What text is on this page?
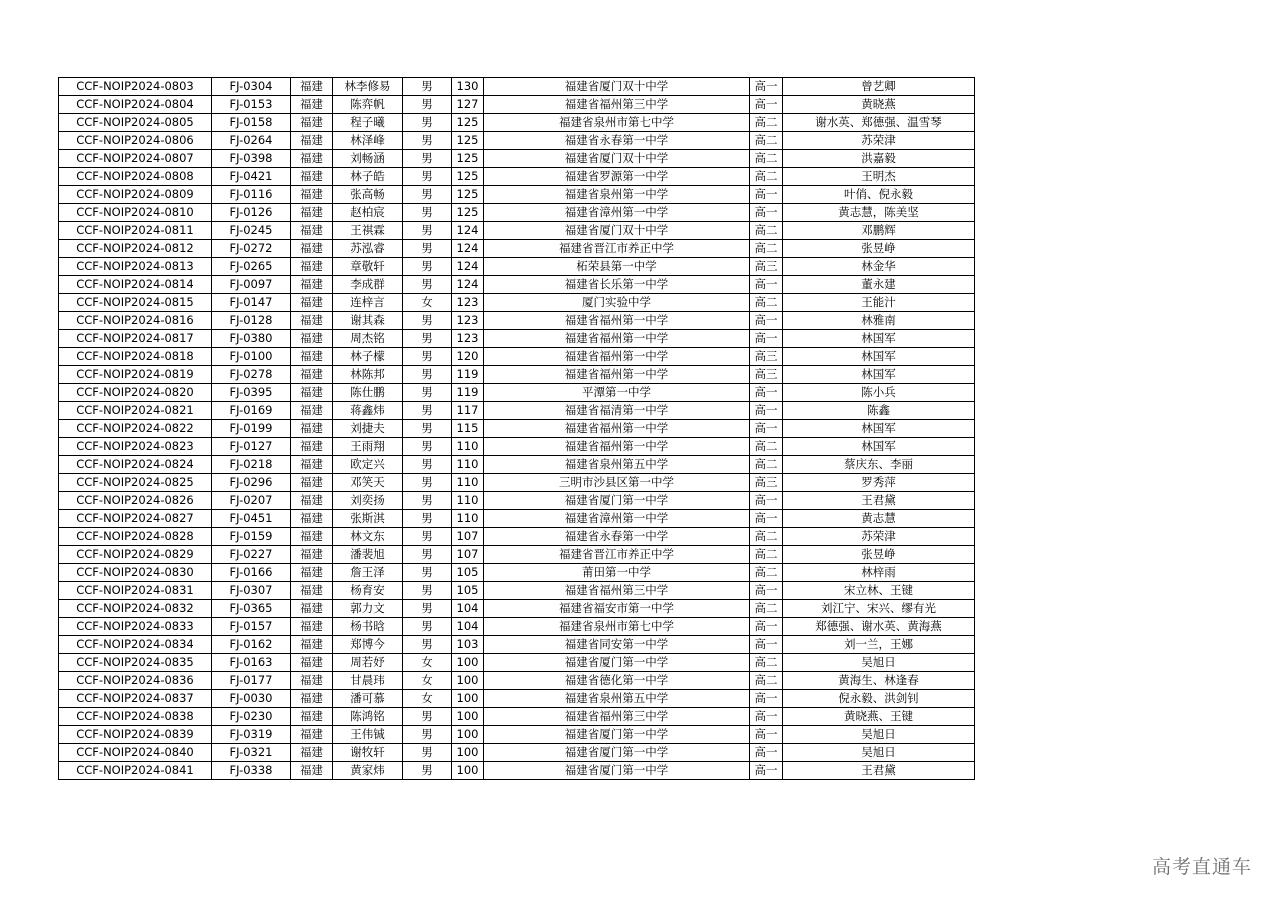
CCF-NOIP2024-0803	FJ-0304	福建	林李修易	男	130	福建省厦门双十中学	高一	曾艺卿
CCF-NOIP2024-0804	FJ-0153	福建	陈弈帆	男	127	福建省福州第三中学	高一	黄晓燕
CCF-NOIP2024-0805	FJ-0158	福建	程子曦	男	125	福建省泉州市第七中学	高二	谢水英、郑德强、温雪琴
CCF-NOIP2024-0806	FJ-0264	福建	林泽峰	男	125	福建省永春第一中学	高二	苏荣津
CCF-NOIP2024-0807	FJ-0398	福建	刘畅涵	男	125	福建省厦门双十中学	高二	洪嘉毅
CCF-NOIP2024-0808	FJ-0421	福建	林子皓	男	125	福建省罗源第一中学	高二	王明杰
CCF-NOIP2024-0809	FJ-0116	福建	张高畅	男	125	福建省泉州第一中学	高一	叶俏、倪永毅
CCF-NOIP2024-0810	FJ-0126	福建	赵柏宸	男	125	福建省漳州第一中学	高一	黄志慧，陈美坚
CCF-NOIP2024-0811	FJ-0245	福建	王祺霖	男	124	福建省厦门双十中学	高二	邓鹏辉
CCF-NOIP2024-0812	FJ-0272	福建	苏泓睿	男	124	福建省晋江市养正中学	高二	张昱峥
CCF-NOIP2024-0813	FJ-0265	福建	章敬轩	男	124	柘荣县第一中学	高三	林金华
CCF-NOIP2024-0814	FJ-0097	福建	李成群	男	124	福建省长乐第一中学	高一	董永建
CCF-NOIP2024-0815	FJ-0147	福建	连梓言	女	123	厦门实验中学	高二	王能汁
CCF-NOIP2024-0816	FJ-0128	福建	谢其森	男	123	福建省福州第一中学	高一	林雅南
CCF-NOIP2024-0817	FJ-0380	福建	周杰铭	男	123	福建省福州第一中学	高一	林国军
CCF-NOIP2024-0818	FJ-0100	福建	林子檬	男	120	福建省福州第一中学	高三	林国军
CCF-NOIP2024-0819	FJ-0278	福建	林陈邦	男	119	福建省福州第一中学	高三	林国军
CCF-NOIP2024-0820	FJ-0395	福建	陈仕鹏	男	119	平潭第一中学	高一	陈小兵
CCF-NOIP2024-0821	FJ-0169	福建	蒋鑫炜	男	117	福建省福清第一中学	高一	陈鑫
CCF-NOIP2024-0822	FJ-0199	福建	刘捷夫	男	115	福建省福州第一中学	高一	林国军
CCF-NOIP2024-0823	FJ-0127	福建	王雨翔	男	110	福建省福州第一中学	高二	林国军
CCF-NOIP2024-0824	FJ-0218	福建	欧定兴	男	110	福建省泉州第五中学	高二	蔡庆东、李丽
CCF-NOIP2024-0825	FJ-0296	福建	邓笑天	男	110	三明市沙县区第一中学	高三	罗秀萍
CCF-NOIP2024-0826	FJ-0207	福建	刘奕扬	男	110	福建省厦门第一中学	高一	王君黛
CCF-NOIP2024-0827	FJ-0451	福建	张斯淇	男	110	福建省漳州第一中学	高一	黄志慧
CCF-NOIP2024-0828	FJ-0159	福建	林文东	男	107	福建省永春第一中学	高二	苏荣津
CCF-NOIP2024-0829	FJ-0227	福建	潘裴旭	男	107	福建省晋江市养正中学	高二	张昱峥
CCF-NOIP2024-0830	FJ-0166	福建	詹王泽	男	105	莆田第一中学	高二	林梓雨
CCF-NOIP2024-0831	FJ-0307	福建	杨育安	男	105	福建省福州第三中学	高一	宋立林、王键
CCF-NOIP2024-0832	FJ-0365	福建	郭力文	男	104	福建省福安市第一中学	高二	刘江宁、宋兴、缪有光
CCF-NOIP2024-0833	FJ-0157	福建	杨书晗	男	104	福建省泉州市第七中学	高一	郑德强、谢水英、黄海燕
CCF-NOIP2024-0834	FJ-0162	福建	郑博今	男	103	福建省同安第一中学	高一	刘一兰，王娜
CCF-NOIP2024-0835	FJ-0163	福建	周若妤	女	100	福建省厦门第一中学	高二	吴旭日
CCF-NOIP2024-0836	FJ-0177	福建	甘晨玮	女	100	福建省德化第一中学	高二	黄海生、林逢春
CCF-NOIP2024-0837	FJ-0030	福建	潘可慕	女	100	福建省泉州第五中学	高一	倪永毅、洪剑钊
CCF-NOIP2024-0838	FJ-0230	福建	陈鸿铭	男	100	福建省福州第三中学	高一	黄晓燕、王键
CCF-NOIP2024-0839	FJ-0319	福建	王伟铖	男	100	福建省厦门第一中学	高一	吴旭日
CCF-NOIP2024-0840	FJ-0321	福建	谢牧轩	男	100	福建省厦门第一中学	高一	吴旭日
CCF-NOIP2024-0841	FJ-0338	福建	黄家炜	男	100	福建省厦门第一中学	高一	王君黛
高考直通车
